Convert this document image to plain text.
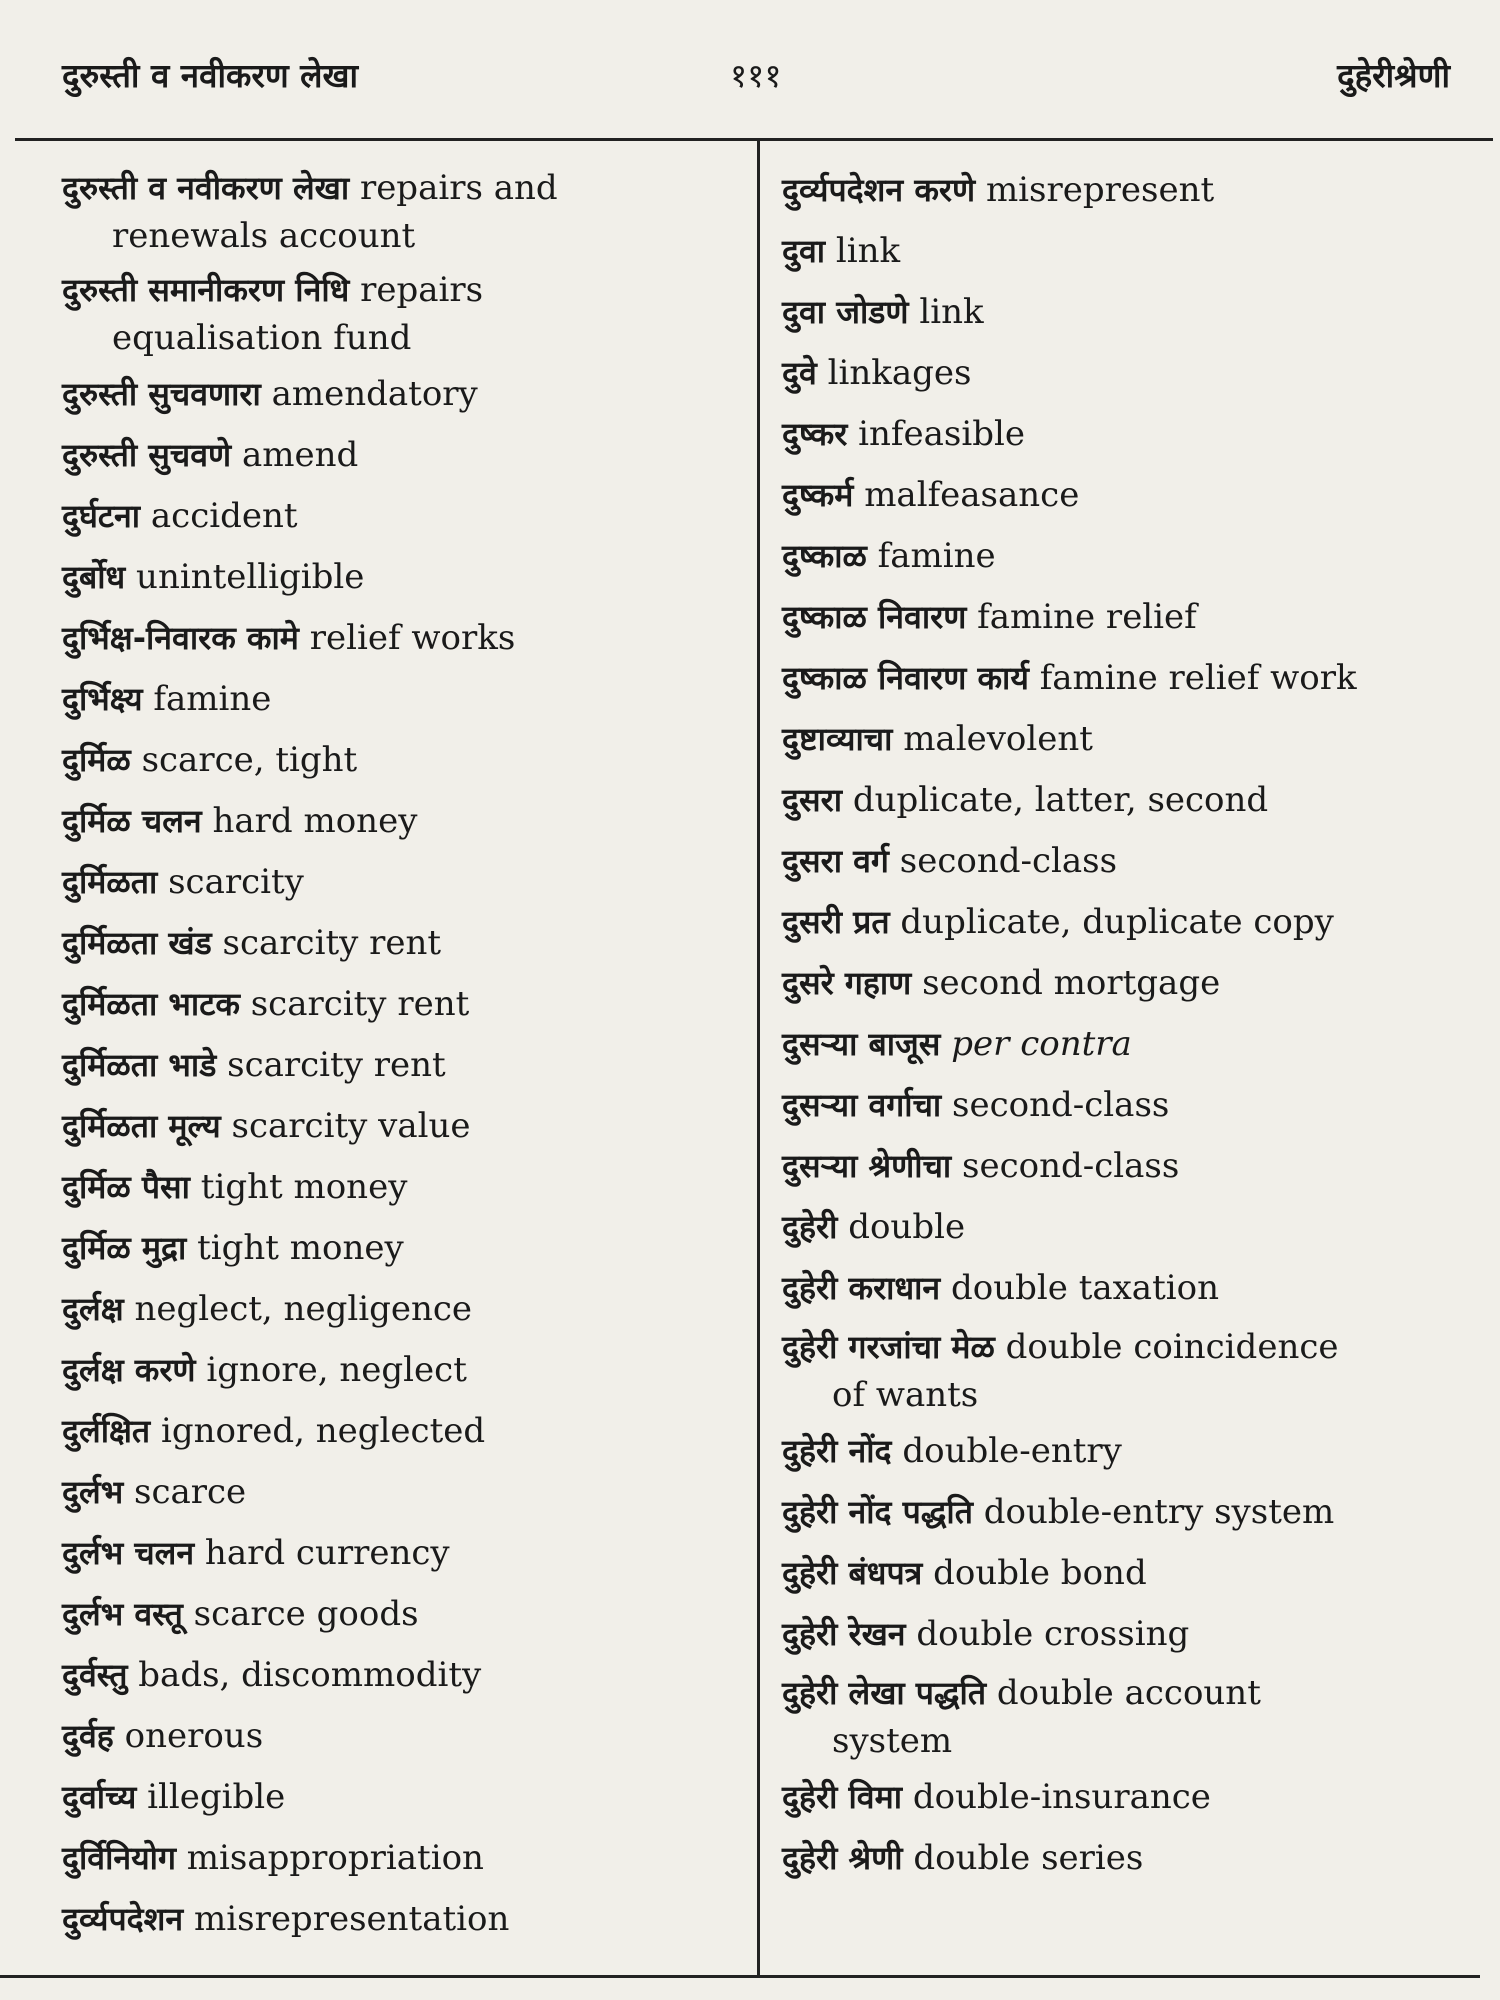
दुरुस्ती व नवीकरण लेखा	१११	दुहेरीश्रेणी
दुरुस्ती व नवीकरण लेखा repairs and
renewals account
दुरुस्ती समानीकरण निधि repairs
equalisation fund
दुरुस्ती सुचवणारा amendatory
दुरुस्ती सुचवणे amend
दुर्घटना accident
दुर्बोध unintelligible
दुर्भिक्ष-निवारक कामे relief works
दुर्भिक्ष्य famine
दुर्मिळ scarce, tight
दुर्मिळ चलन hard money
दुर्मिळता scarcity
दुर्मिळता खंड scarcity rent
दुर्मिळता भाटक scarcity rent
दुर्मिळता भाडे scarcity rent
दुर्मिळता मूल्य scarcity value
दुर्मिळ पैसा tight money
दुर्मिळ मुद्रा tight money
दुर्लक्ष neglect, negligence
दुर्लक्ष करणे ignore, neglect
दुर्लक्षित ignored, neglected
दुर्लभ scarce
दुर्लभ चलन hard currency
दुर्लभ वस्तू scarce goods
दुर्वस्तु bads, discommodity
दुर्वह onerous
दुर्वाच्य illegible
दुर्विनियोग misappropriation
दुर्व्यपदेशन misrepresentation
दुर्व्यपदेशन करणे misrepresent
दुवा link
दुवा जोडणे link
दुवे linkages
दुष्कर infeasible
दुष्कर्म malfeasance
दुष्काळ famine
दुष्काळ निवारण famine relief
दुष्काळ निवारण कार्य famine relief work
दुष्टाव्याचा malevolent
दुसरा duplicate, latter, second
दुसरा वर्ग second-class
दुसरी प्रत duplicate, duplicate copy
दुसरे गहाण second mortgage
दुसऱ्या बाजूस per contra
दुसऱ्या वर्गाचा second-class
दुसऱ्या श्रेणीचा second-class
दुहेरी double
दुहेरी कराधान double taxation
दुहेरी गरजांचा मेळ double coincidence
of wants
दुहेरी नोंद double-entry
दुहेरी नोंद पद्धति double-entry system
दुहेरी बंधपत्र double bond
दुहेरी रेखन double crossing
दुहेरी लेखा पद्धति double account
system
दुहेरी विमा double-insurance
दुहेरी श्रेणी double series
